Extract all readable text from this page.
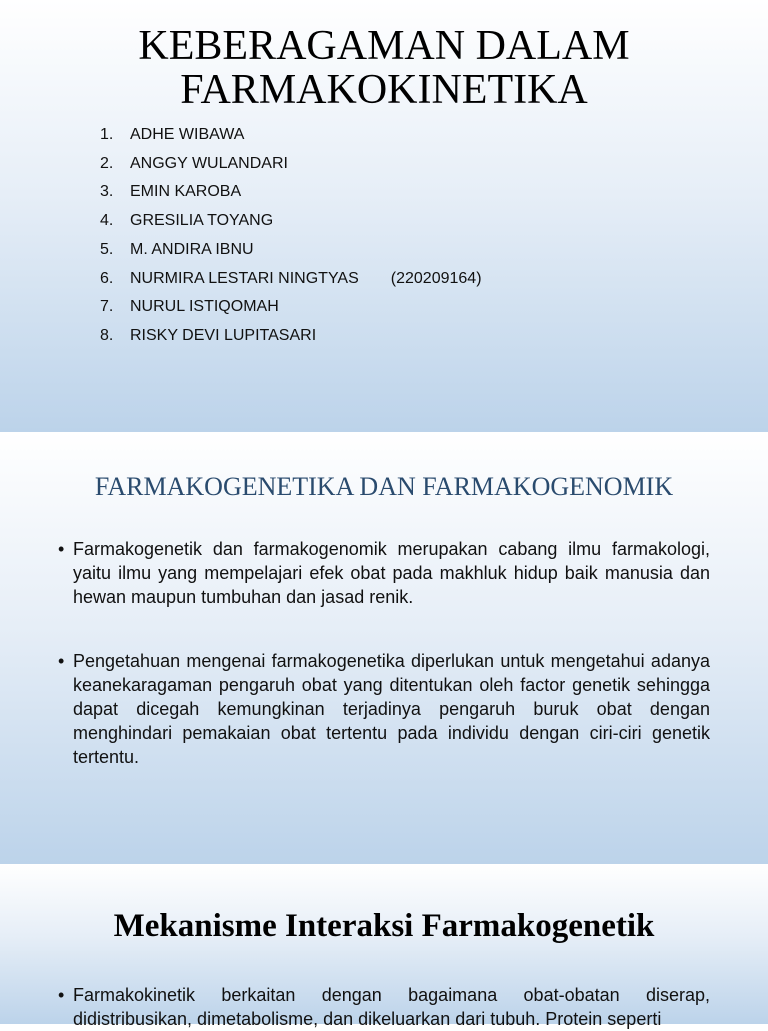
KEBERAGAMAN DALAM
FARMAKOKINETIKA
1. ADHE WIBAWA
2. ANGGY WULANDARI
3. EMIN KAROBA
4. GRESILIA TOYANG
5. M. ANDIRA IBNU
6. NURMIRA LESTARI NINGTYAS (220209164)
7. NURUL ISTIQOMAH
8. RISKY DEVI LUPITASARI
FARMAKOGENETIKA DAN FARMAKOGENOMIK
• Farmakogenetik dan farmakogenomik merupakan cabang ilmu farmakologi, yaitu ilmu yang mempelajari efek obat pada makhluk hidup baik manusia dan hewan maupun tumbuhan dan jasad renik.
• Pengetahuan mengenai farmakogenetika diperlukan untuk mengetahui adanya keanekaragaman pengaruh obat yang ditentukan oleh factor genetik sehingga dapat dicegah kemungkinan terjadinya pengaruh buruk obat dengan menghindari pemakaian obat tertentu pada individu dengan ciri-ciri genetik tertentu.
Mekanisme Interaksi Farmakogenetik
• Farmakokinetik berkaitan dengan bagaimana obat-obatan diserap, didistribusikan, dimetabolisme, dan dikeluarkan dari tubuh. Protein seperti
